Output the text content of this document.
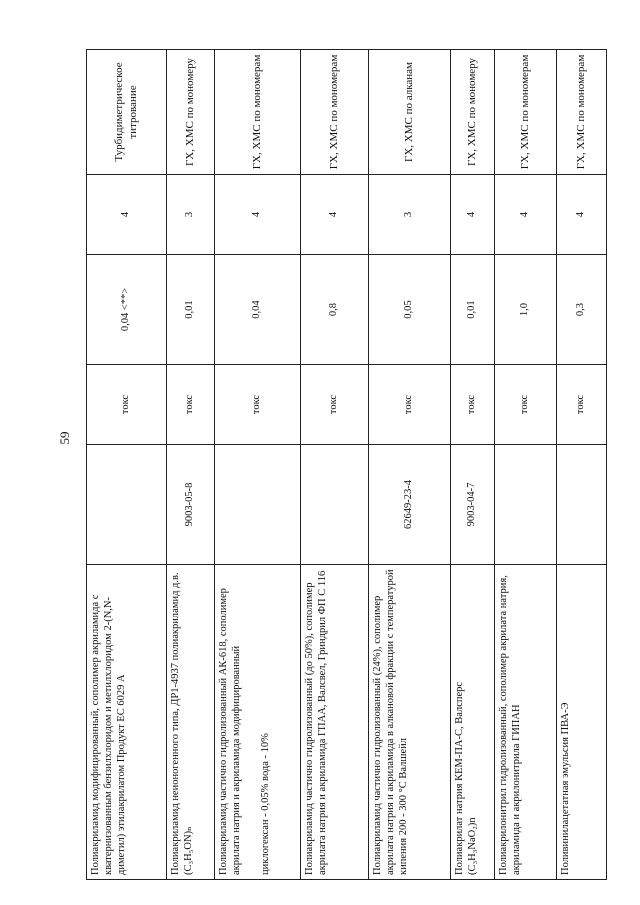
59
Полиакриламид модифицированный, сополимер акриламида с кватернизованным бензилхлоридом и метилхлоридом 2-(N,N-диметил) этилакрилатом Продукт ЕС 6029 А		токс	0,04 <**>	4	Турбидиметрическое титрование
Полиакриламид неионогенного типа, ДР1-4937 полиакриламид д.в. (C₃H₅ON)ₙ	9003-05-8	токс	0,01	3	ГХ, ХМС по мономеру
Полиакриламид частично гидролизованный АК-618, сополимер акрилата натрия и акриламида модифицированный циклогексан - 0,05% вода - 10%		токс	0,04	4	ГХ, ХМС по мономерам
Полиакриламид частично гидролизованный (до 50%), сополимер акрилата натрия и акриламида ГПАА, Валсвел, Гриндрил ФП С 116		токс	0,8	4	ГХ, ХМС по мономерам
Полиакриламид частично гидролизованный (24%), сополимер акрилата натрия и акриламида в алкановой фракции с температурой кипения 200 - 300 °С Валшейл	62649-23-4	токс	0,05	3	ГХ, ХМС по алканам
Полиакрилат натрия КЕМ-ПА-С, Валсперс (C₃H₃NaO₂)n	9003-04-7	токс	0,01	4	ГХ, ХМС по мономеру
Полиакрилонитрил гидролизованный, сополимер акрилата натрия, акриламида и акрилонитрила ГИПАН		токс	1,0	4	ГХ, ХМС по мономерам
Поливинилацетатная эмульсия ПВА-Э		токс	0,3	4	ГХ, ХМС по мономерам
